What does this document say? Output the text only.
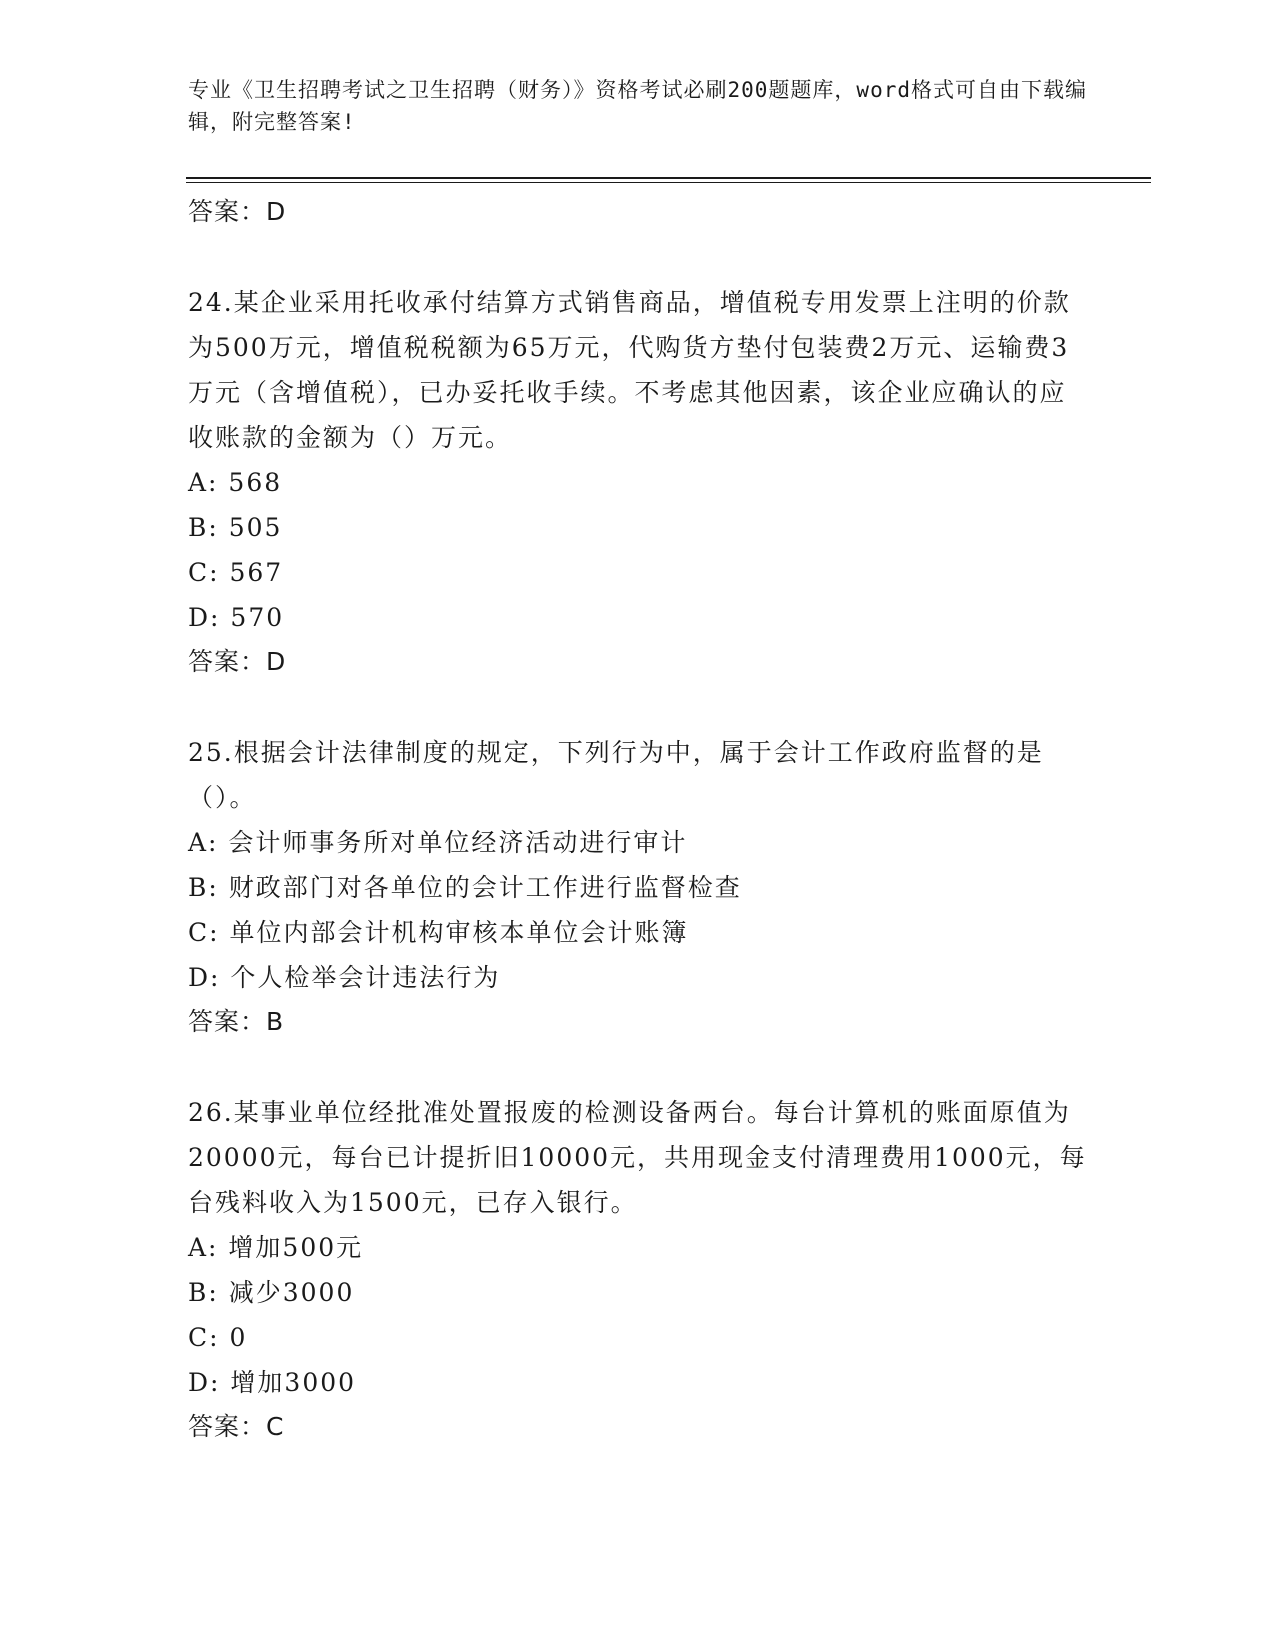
专业《卫生招聘考试之卫生招聘（财务）》资格考试必刷200题题库，word格式可自由下载编辑，附完整答案!
答案：D
24.某企业采用托收承付结算方式销售商品，增值税专用发票上注明的价款为500万元，增值税税额为65万元，代购货方垫付包装费2万元、运输费3万元（含增值税），已办妥托收手续。不考虑其他因素，该企业应确认的应收账款的金额为（）万元。
A: 568
B: 505
C: 567
D: 570
答案：D
25.根据会计法律制度的规定，下列行为中，属于会计工作政府监督的是（）。
A: 会计师事务所对单位经济活动进行审计
B: 财政部门对各单位的会计工作进行监督检查
C: 单位内部会计机构审核本单位会计账簿
D: 个人检举会计违法行为
答案：B
26.某事业单位经批准处置报废的检测设备两台。每台计算机的账面原值为20000元，每台已计提折旧10000元，共用现金支付清理费用1000元，每台残料收入为1500元，已存入银行。
A: 增加500元
B: 减少3000
C: 0
D: 增加3000
答案：C
